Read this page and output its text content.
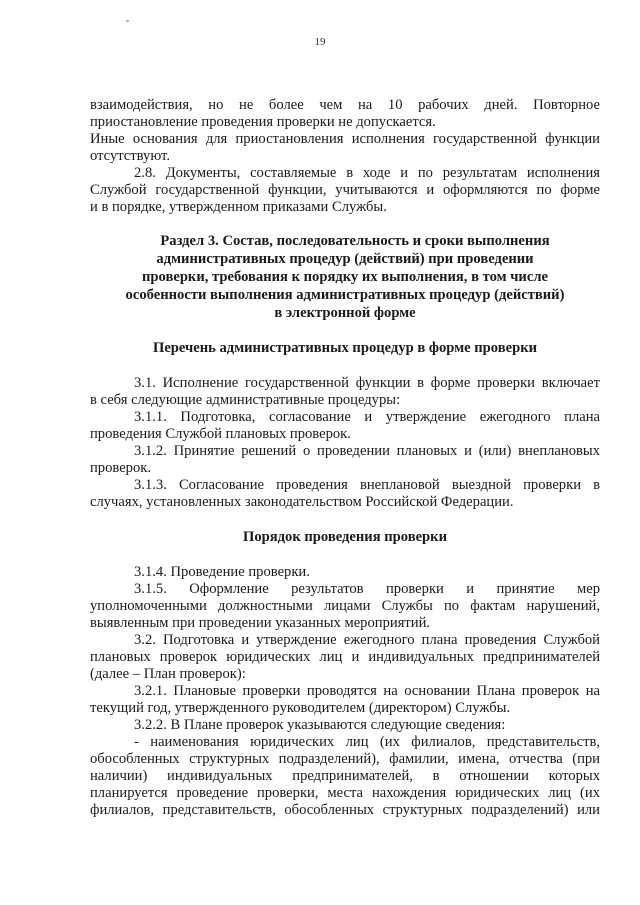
19
взаимодействия, но не более чем на 10 рабочих дней. Повторное
приостановление проведения проверки не допускается.
Иные основания для приостановления исполнения государственной функции
отсутствуют.
2.8. Документы, составляемые в ходе и по результатам исполнения
Службой государственной функции, учитываются и оформляются по форме
и в порядке, утвержденном приказами Службы.
Раздел 3. Состав, последовательность и сроки выполнения
административных процедур (действий) при проведении
проверки, требования к порядку их выполнения, в том числе
особенности выполнения административных процедур (действий)
в электронной форме
Перечень административных процедур в форме проверки
3.1. Исполнение государственной функции в форме проверки включает
в себя следующие административные процедуры:
3.1.1. Подготовка, согласование и утверждение ежегодного плана
проведения Службой плановых проверок.
3.1.2. Принятие решений о проведении плановых и (или) внеплановых
проверок.
3.1.3. Согласование проведения внеплановой выездной проверки в
случаях, установленных законодательством Российской Федерации.
Порядок проведения проверки
3.1.4. Проведение проверки.
3.1.5. Оформление результатов проверки и принятие мер
уполномоченными должностными лицами Службы по фактам нарушений,
выявленным при проведении указанных мероприятий.
3.2. Подготовка и утверждение ежегодного плана проведения Службой
плановых проверок юридических лиц и индивидуальных предпринимателей
(далее – План проверок):
3.2.1. Плановые проверки проводятся на основании Плана проверок на
текущий год, утвержденного руководителем (директором) Службы.
3.2.2. В Плане проверок указываются следующие сведения:
- наименования юридических лиц (их филиалов, представительств,
обособленных структурных подразделений), фамилии, имена, отчества (при
наличии) индивидуальных предпринимателей, в отношении которых
планируется проведение проверки, места нахождения юридических лиц (их
филиалов, представительств, обособленных структурных подразделений) или
